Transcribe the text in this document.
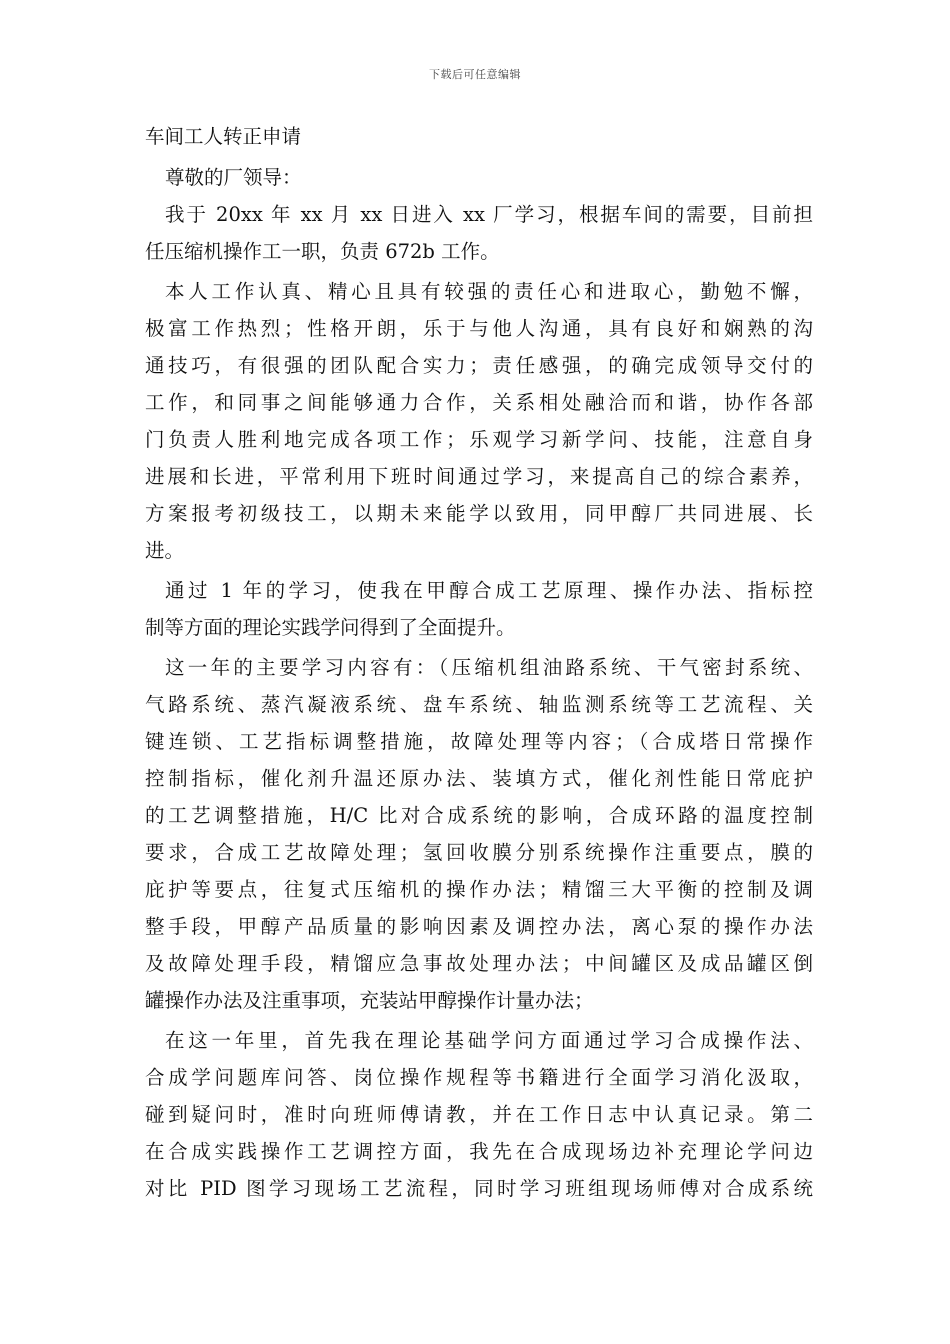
下载后可任意编辑
车间工人转正申请
尊敬的厂领导：
我于 20xx 年 xx 月 xx 日进入 xx 厂学习，根据车间的需要，目前担
任压缩机操作工一职，负责 672b 工作。
本人工作认真、精心且具有较强的责任心和进取心，勤勉不懈，
极富工作热烈；性格开朗，乐于与他人沟通，具有良好和娴熟的沟
通技巧，有很强的团队配合实力；责任感强，的确完成领导交付的
工作，和同事之间能够通力合作，关系相处融洽而和谐，协作各部
门负责人胜利地完成各项工作；乐观学习新学问、技能，注意自身
进展和长进，平常利用下班时间通过学习，来提高自己的综合素养，
方案报考初级技工，以期未来能学以致用，同甲醇厂共同进展、长
进。
通过 1 年的学习，使我在甲醇合成工艺原理、操作办法、指标控
制等方面的理论实践学问得到了全面提升。
这一年的主要学习内容有：（压缩机组油路系统、干气密封系统、
气路系统、蒸汽凝液系统、盘车系统、轴监测系统等工艺流程、关
键连锁、工艺指标调整措施，故障处理等内容；（合成塔日常操作
控制指标，催化剂升温还原办法、装填方式，催化剂性能日常庇护
的工艺调整措施，H/C 比对合成系统的影响，合成环路的温度控制
要求，合成工艺故障处理；氢回收膜分别系统操作注重要点，膜的
庇护等要点，往复式压缩机的操作办法；精馏三大平衡的控制及调
整手段，甲醇产品质量的影响因素及调控办法，离心泵的操作办法
及故障处理手段，精馏应急事故处理办法；中间罐区及成品罐区倒
罐操作办法及注重事项，充装站甲醇操作计量办法；
在这一年里，首先我在理论基础学问方面通过学习合成操作法、
合成学问题库问答、岗位操作规程等书籍进行全面学习消化汲取，
碰到疑问时，准时向班师傅请教，并在工作日志中认真记录。第二
在合成实践操作工艺调控方面，我先在合成现场边补充理论学问边
对比 PID 图学习现场工艺流程，同时学习班组现场师傅对合成系统
